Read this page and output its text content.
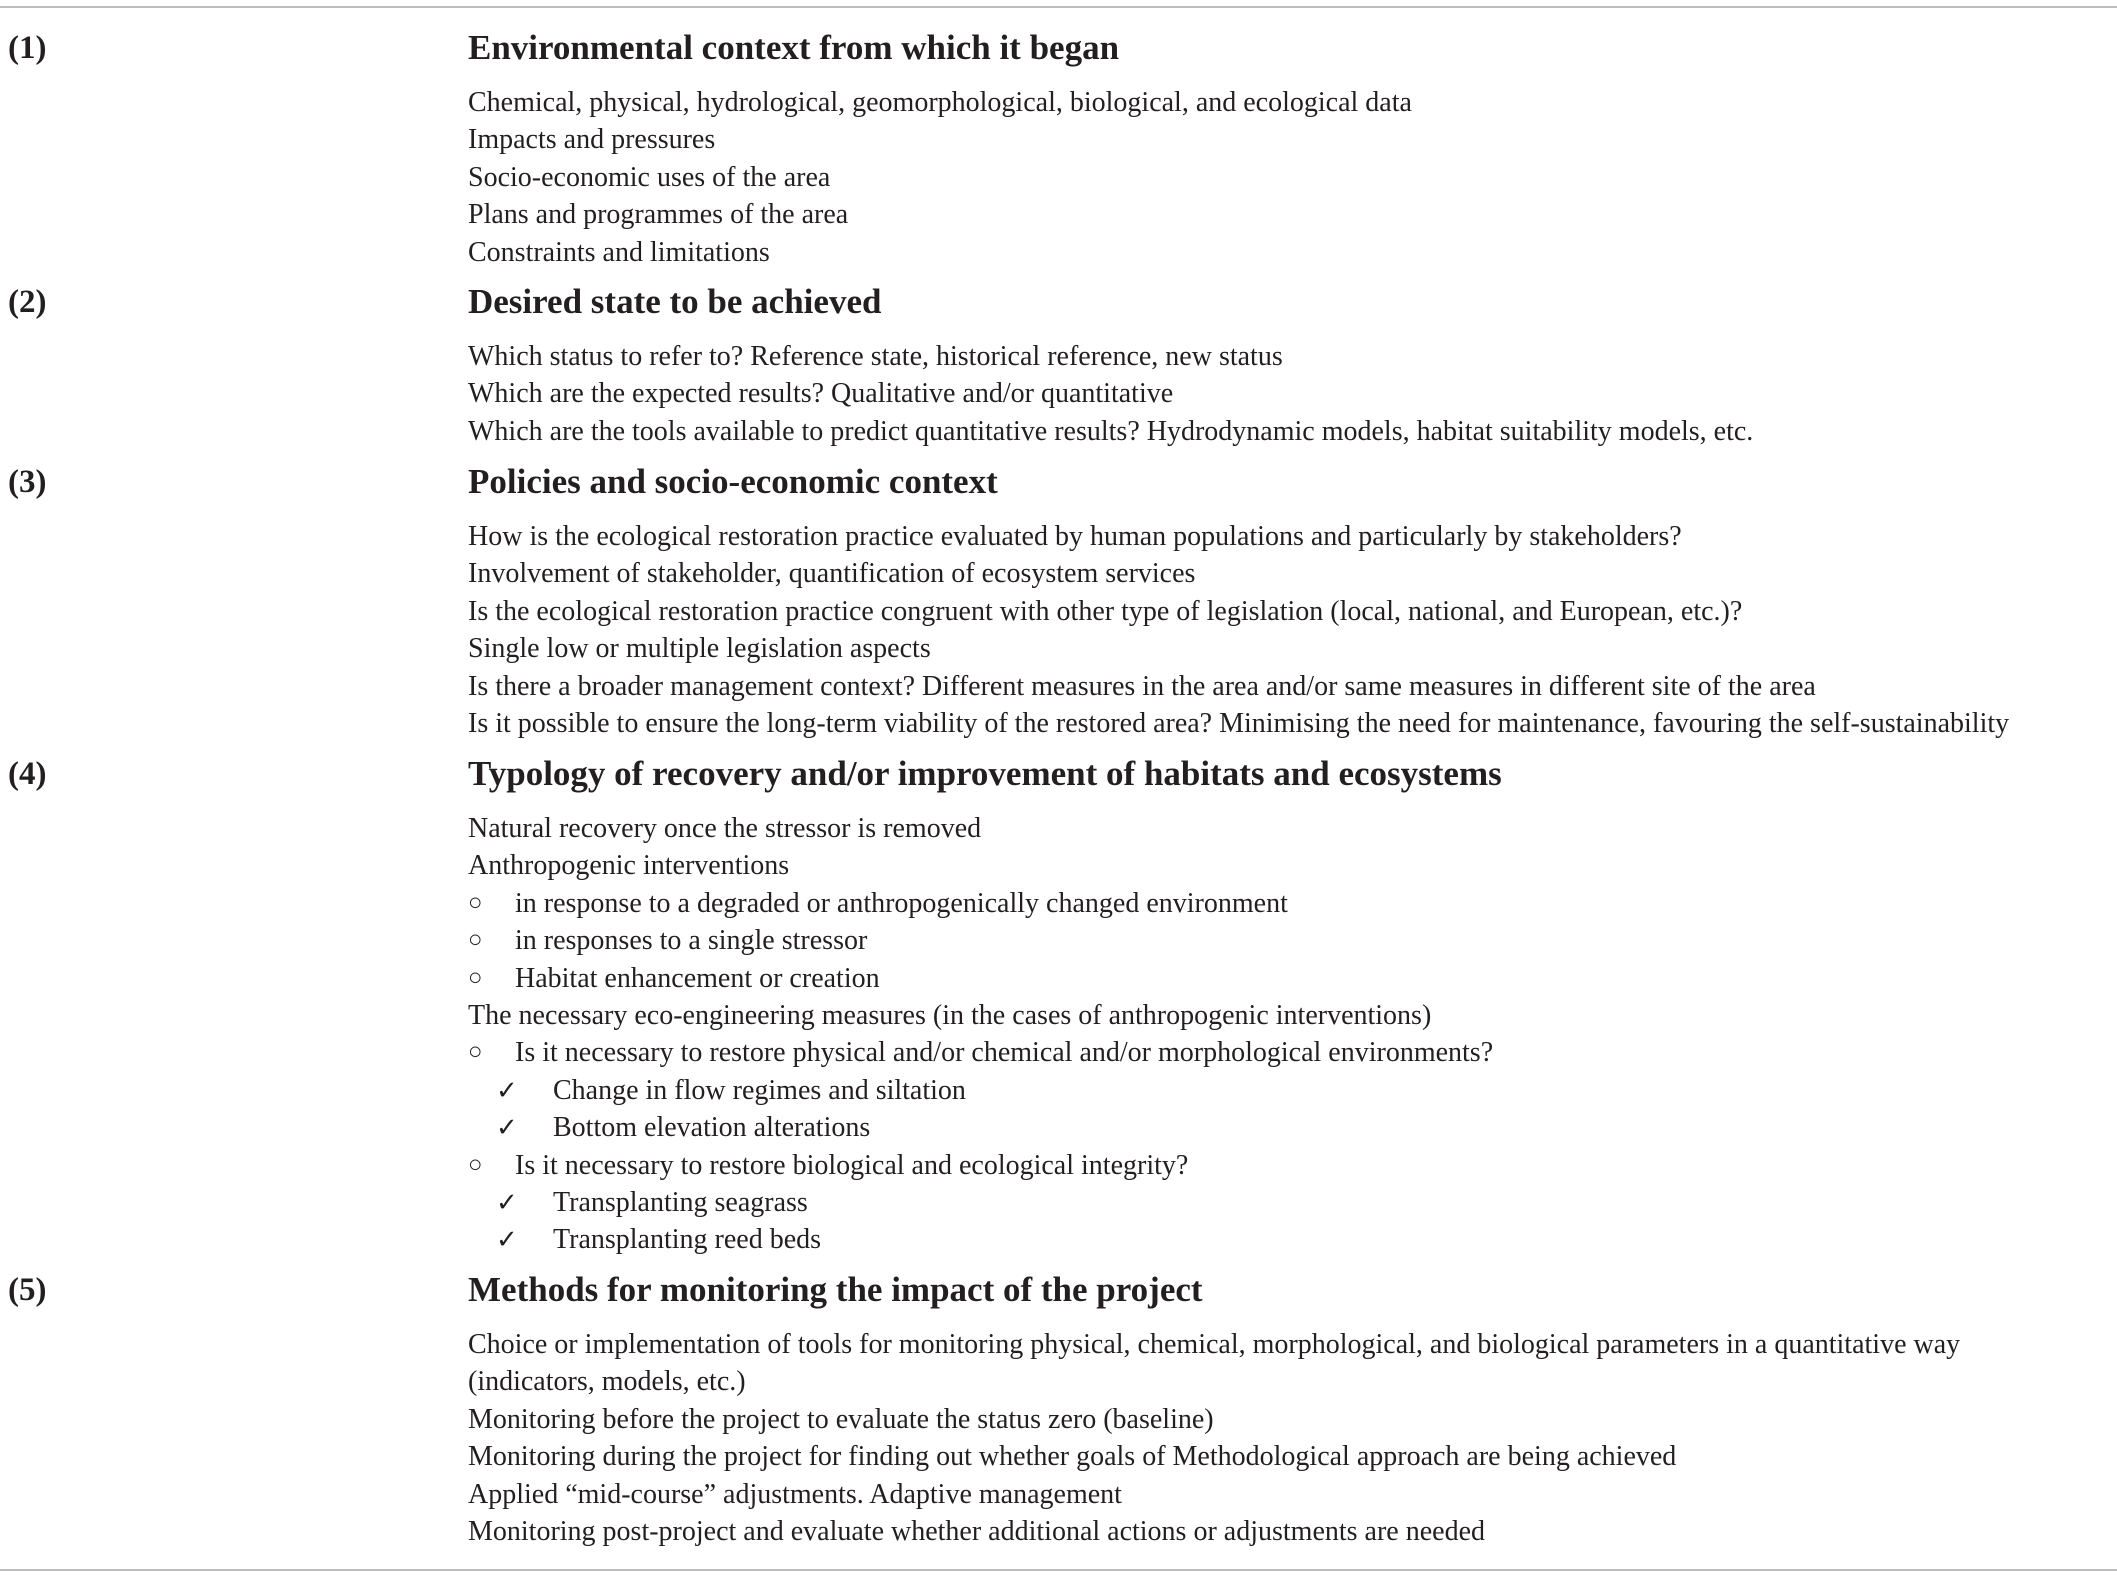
(1)	Environmental context from which it began
Chemical, physical, hydrological, geomorphological, biological, and ecological data
Impacts and pressures
Socio-economic uses of the area
Plans and programmes of the area
Constraints and limitations
(2)	Desired state to be achieved
Which status to refer to? Reference state, historical reference, new status
Which are the expected results? Qualitative and/or quantitative
Which are the tools available to predict quantitative results? Hydrodynamic models, habitat suitability models, etc.
(3)	Policies and socio-economic context
How is the ecological restoration practice evaluated by human populations and particularly by stakeholders?
Involvement of stakeholder, quantification of ecosystem services
Is the ecological restoration practice congruent with other type of legislation (local, national, and European, etc.)?
Single low or multiple legislation aspects
Is there a broader management context? Different measures in the area and/or same measures in different site of the area
Is it possible to ensure the long-term viability of the restored area? Minimising the need for maintenance, favouring the self-sustainability
(4)	Typology of recovery and/or improvement of habitats and ecosystems
Natural recovery once the stressor is removed
Anthropogenic interventions
○ in response to a degraded or anthropogenically changed environment
○ in responses to a single stressor
○ Habitat enhancement or creation
The necessary eco-engineering measures (in the cases of anthropogenic interventions)
○ Is it necessary to restore physical and/or chemical and/or morphological environments?
✓ Change in flow regimes and siltation
✓ Bottom elevation alterations
○ Is it necessary to restore biological and ecological integrity?
✓ Transplanting seagrass
✓ Transplanting reed beds
(5)	Methods for monitoring the impact of the project
Choice or implementation of tools for monitoring physical, chemical, morphological, and biological parameters in a quantitative way
(indicators, models, etc.)
Monitoring before the project to evaluate the status zero (baseline)
Monitoring during the project for finding out whether goals of Methodological approach are being achieved
Applied “mid-course” adjustments. Adaptive management
Monitoring post-project and evaluate whether additional actions or adjustments are needed
